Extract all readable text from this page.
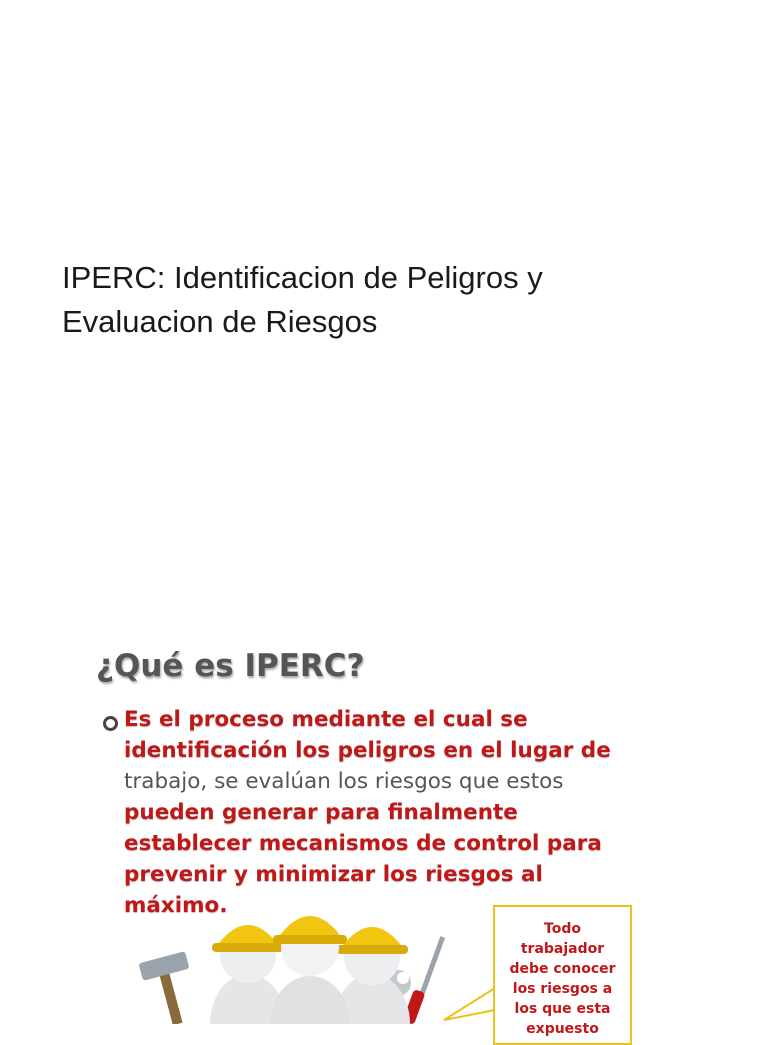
IPERC: Identificacion de Peligros y
Evaluacion de Riesgos
¿Qué es IPERC?
Es el proceso mediante el cual se
identificación los peligros en el lugar de
trabajo, se evalúan los riesgos que estos
pueden generar para finalmente
establecer mecanismos de control para
prevenir y minimizar los riesgos al
máximo.
Todo
trabajador
debe conocer
los riesgos a
los que esta
expuesto
